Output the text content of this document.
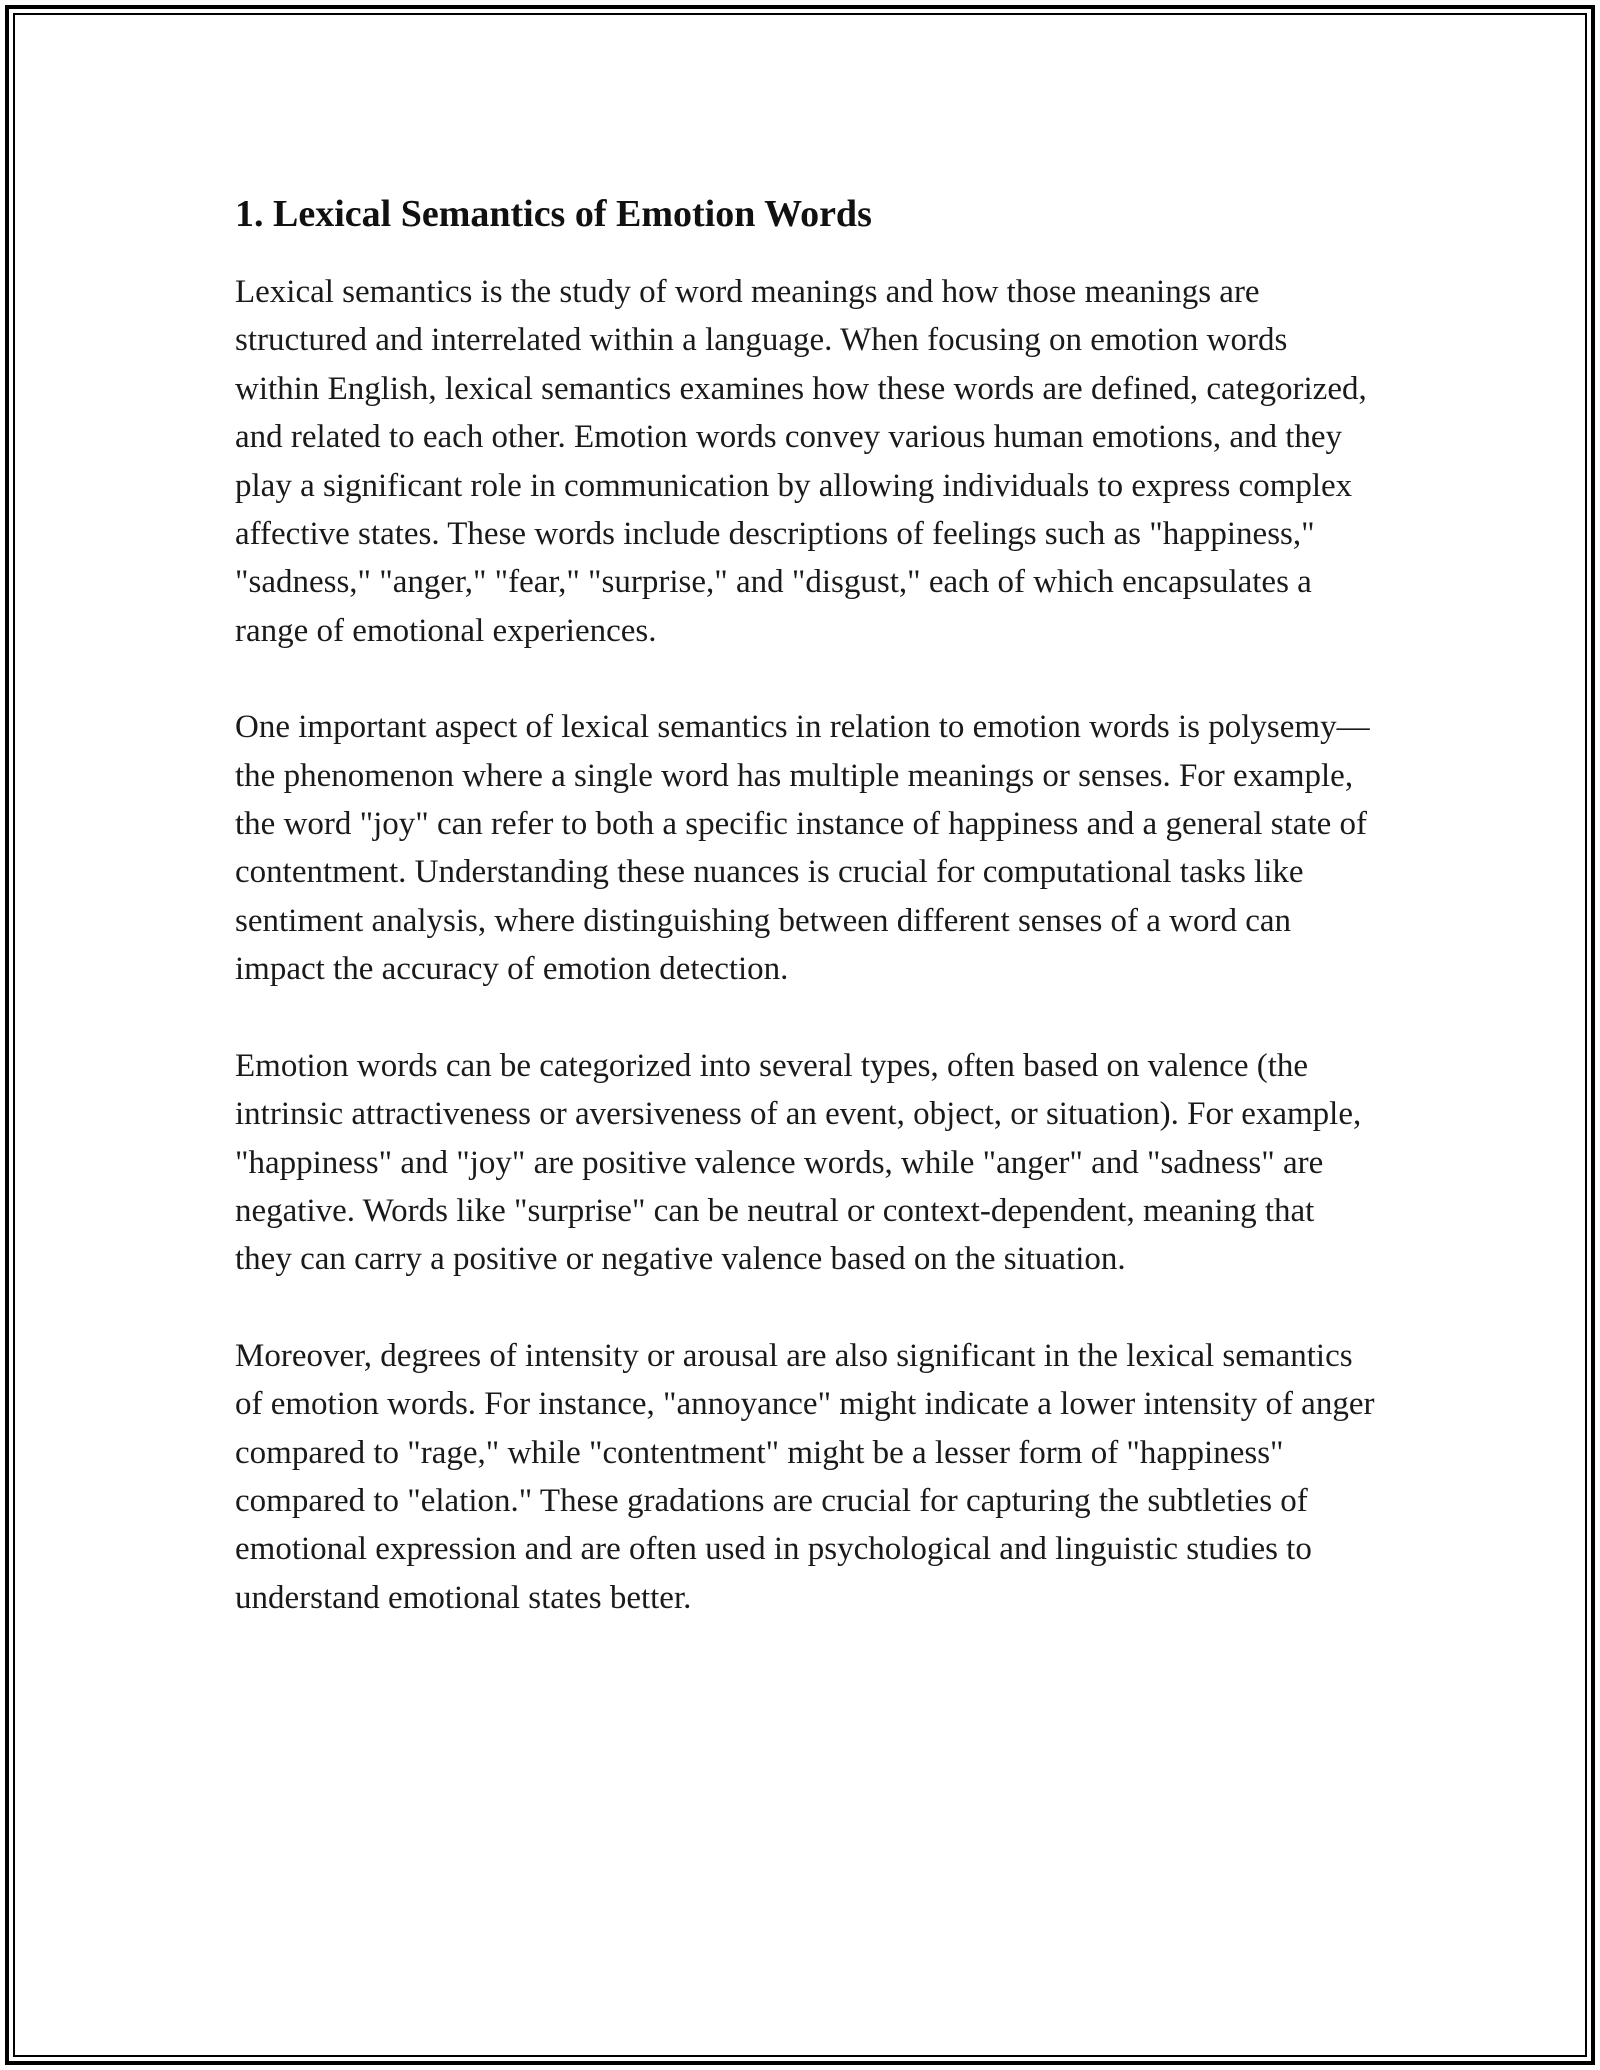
1. Lexical Semantics of Emotion Words

Lexical semantics is the study of word meanings and how those meanings are structured and interrelated within a language. When focusing on emotion words within English, lexical semantics examines how these words are defined, categorized, and related to each other. Emotion words convey various human emotions, and they play a significant role in communication by allowing individuals to express complex affective states. These words include descriptions of feelings such as "happiness," "sadness," "anger," "fear," "surprise," and "disgust," each of which encapsulates a range of emotional experiences.

One important aspect of lexical semantics in relation to emotion words is polysemy—the phenomenon where a single word has multiple meanings or senses. For example, the word "joy" can refer to both a specific instance of happiness and a general state of contentment. Understanding these nuances is crucial for computational tasks like sentiment analysis, where distinguishing between different senses of a word can impact the accuracy of emotion detection.

Emotion words can be categorized into several types, often based on valence (the intrinsic attractiveness or aversiveness of an event, object, or situation). For example, "happiness" and "joy" are positive valence words, while "anger" and "sadness" are negative. Words like "surprise" can be neutral or context-dependent, meaning that they can carry a positive or negative valence based on the situation.

Moreover, degrees of intensity or arousal are also significant in the lexical semantics of emotion words. For instance, "annoyance" might indicate a lower intensity of anger compared to "rage," while "contentment" might be a lesser form of "happiness" compared to "elation." These gradations are crucial for capturing the subtleties of emotional expression and are often used in psychological and linguistic studies to understand emotional states better.
